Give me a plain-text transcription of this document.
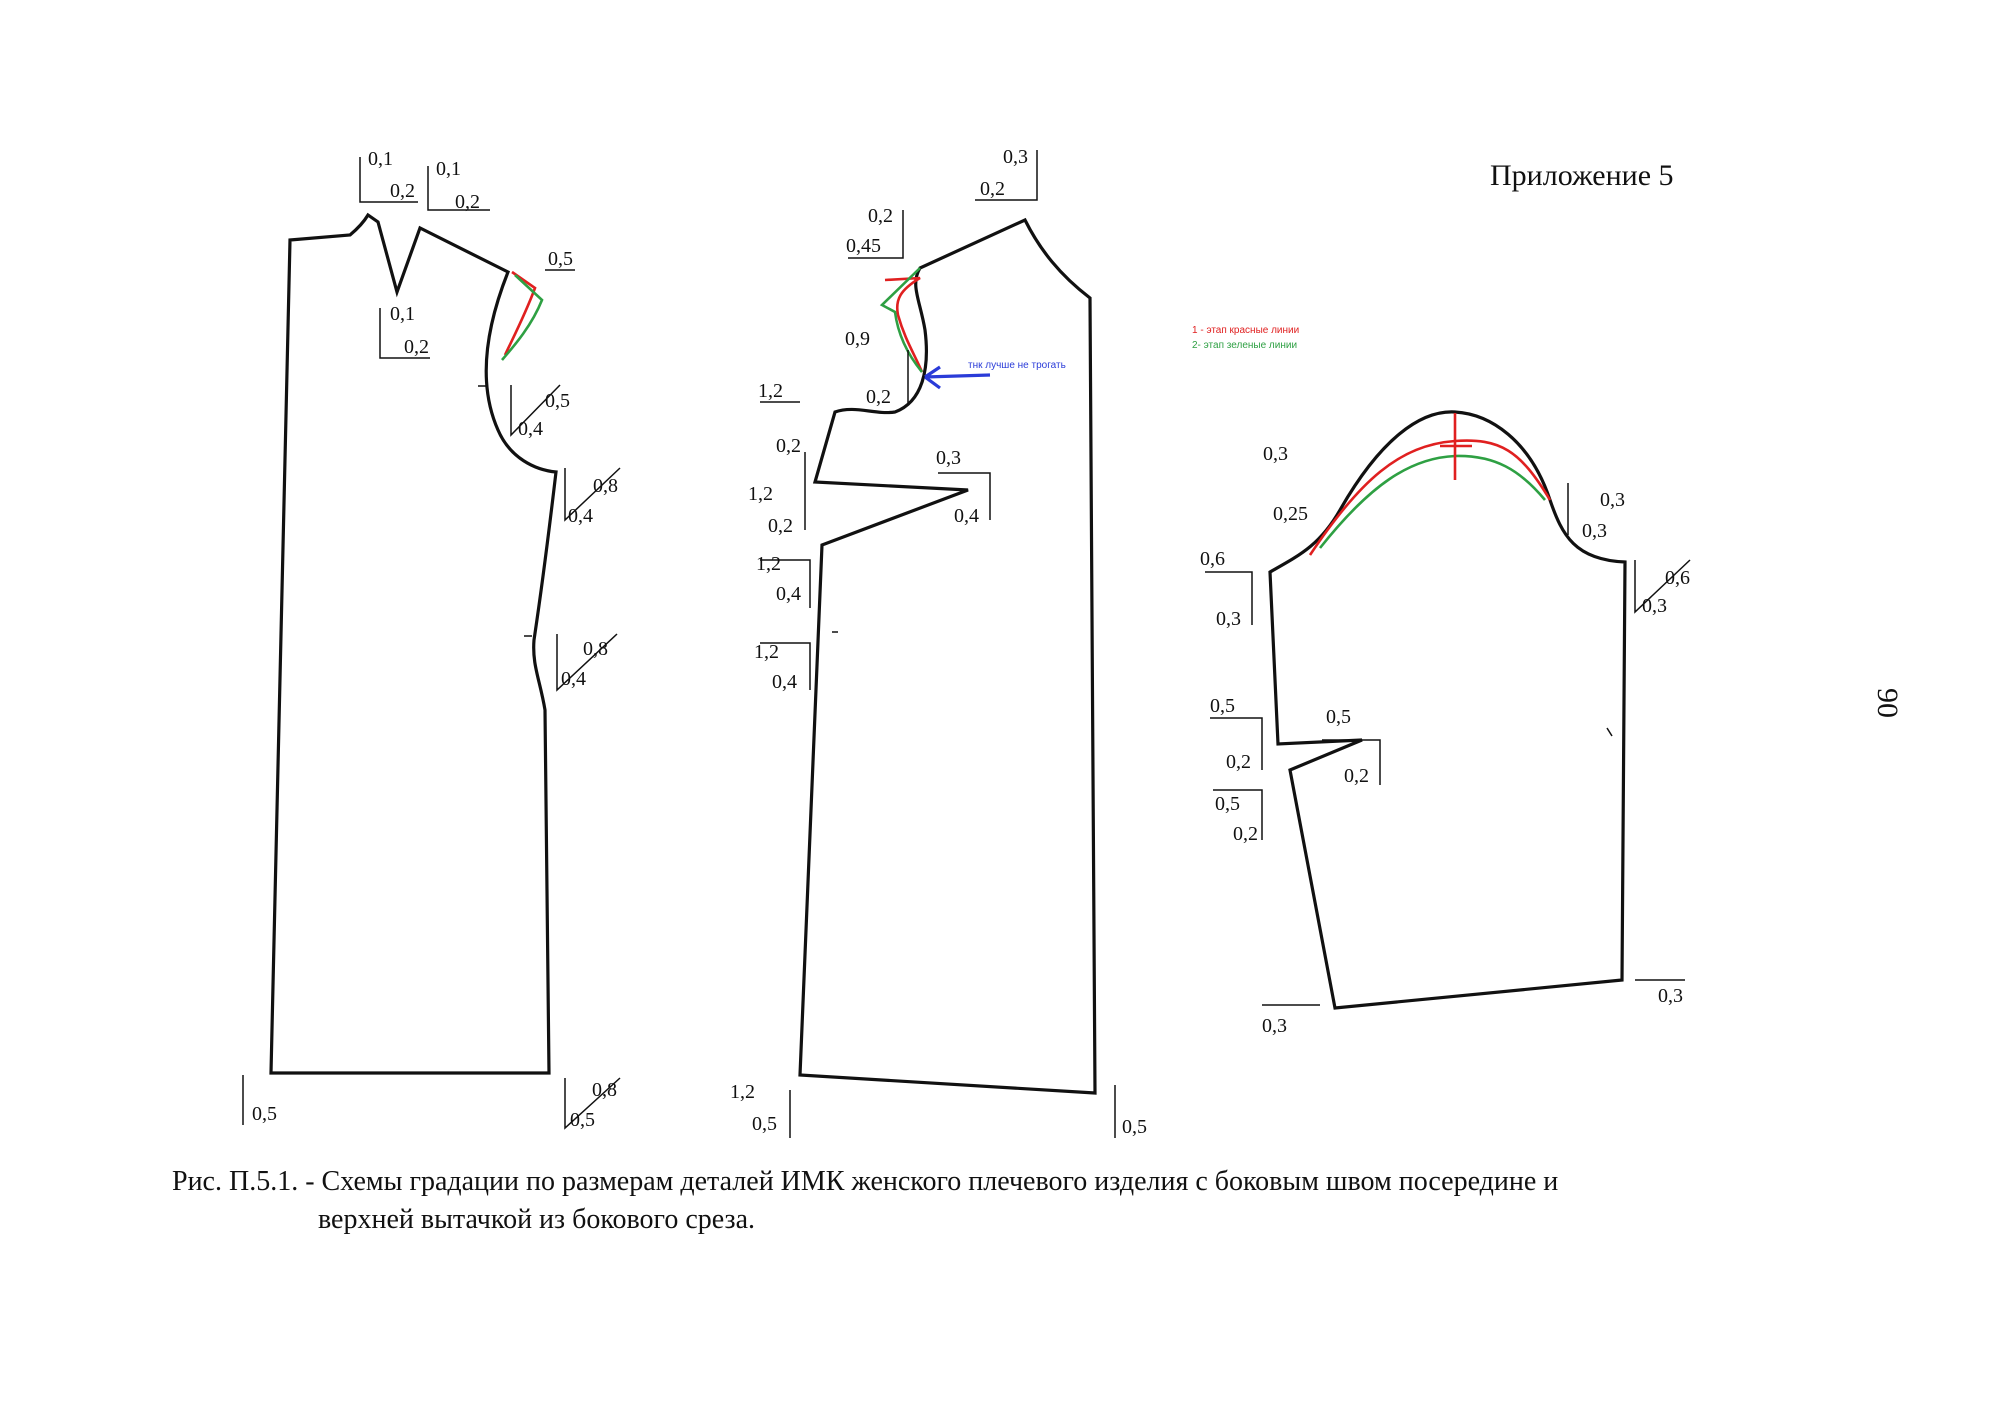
Приложение 5
90
0,1
0,2
0,1
0,2
0,1
0,2
0,5
0,5
0,4
0,8
0,4
0,8
0,4
0,5
0,8
0,5
тнк лучше не трогать
0,3
0,2
0,2
0,45
0,9
0,2
1,2
0,2
0,3
0,4
1,2
0,2
1,2
0,4
1,2
0,4
1,2
0,5	0,5
1 - этап красные линии
2- этап зеленые линии
0,3
0,25
0,3
0,3
0,6
0,3
0,6
0,3
0,5
0,2
0,5
0,2
0,5
0,2
0,3
0,3
Рис. П.5.1. - Схемы градации по размерам деталей ИМК женского плечевого изделия с боковым швом посередине и
верхней вытачкой из бокового среза.
